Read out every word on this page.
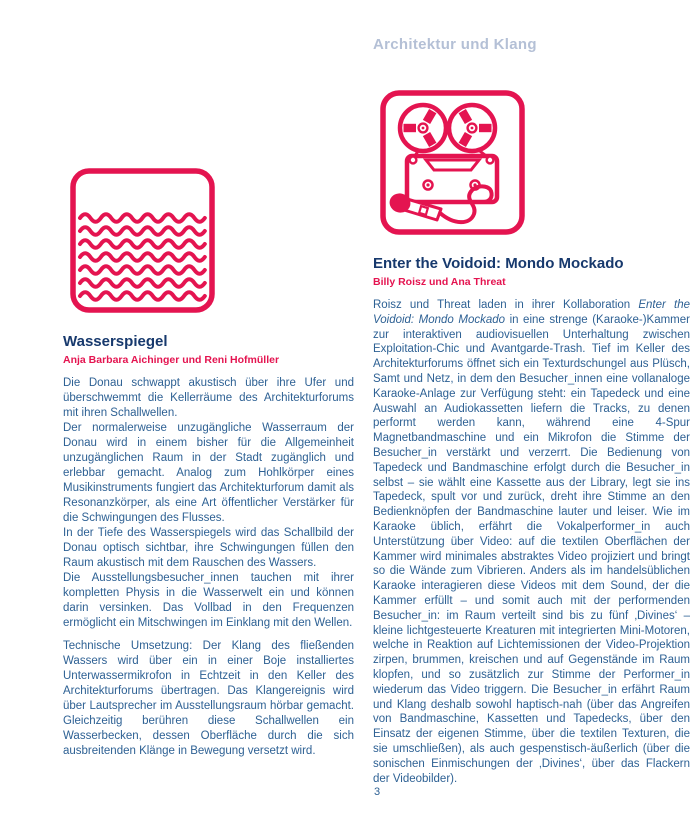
Architektur und Klang
Wasserspiegel
Anja Barbara Aichinger und Reni Hofmüller

Die Donau schwappt akustisch über ihre Ufer und überschwemmt die Kellerräume des Architekturforums mit ihren Schallwellen.

Der normalerweise unzugängliche Wasserraum der Donau wird in einem bisher für die Allgemeinheit unzugänglichen Raum in der Stadt zugänglich und erlebbar gemacht. Analog zum Hohlkörper eines Musikinstruments fungiert das Architekturforum damit als Resonanzkörper, als eine Art öffentlicher Verstärker für die Schwingungen des Flusses.

In der Tiefe des Wasserspiegels wird das Schallbild der Donau optisch sichtbar, ihre Schwingungen füllen den Raum akustisch mit dem Rauschen des Wassers.

Die Ausstellungsbesucher_innen tauchen mit ihrer kompletten Physis in die Wasserwelt ein und können darin versinken. Das Vollbad in den Frequenzen ermöglicht ein Mitschwingen im Einklang mit den Wellen.

Technische Umsetzung: Der Klang des fließenden Wassers wird über ein in einer Boje installiertes Unterwassermikrofon in Echtzeit in den Keller des Architekturforums übertragen. Das Klangereignis wird über Lautsprecher im Ausstellungsraum hörbar gemacht. Gleichzeitig berühren diese Schallwellen ein Wasserbecken, dessen Oberfläche durch die sich ausbreitenden Klänge in Bewegung versetzt wird.

Enter the Voidoid: Mondo Mockado
Billy Roisz und Ana Threat

Roisz und Threat laden in ihrer Kollaboration Enter the Voidoid: Mondo Mockado in eine strenge (Karaoke-)Kammer zur interaktiven audiovisuellen Unterhaltung zwischen Exploitation-Chic und Avantgarde-Trash. Tief im Keller des Architekturforums öffnet sich ein Texturdschungel aus Plüsch, Samt und Netz, in dem den Besucher_innen eine vollanaloge Karaoke-Anlage zur Verfügung steht: ein Tapedeck und eine Auswahl an Audiokassetten liefern die Tracks, zu denen performt werden kann, während eine 4-Spur Magnetbandmaschine und ein Mikrofon die Stimme der Besucher_in verstärkt und verzerrt. Die Bedienung von Tapedeck und Bandmaschine erfolgt durch die Besucher_in selbst – sie wählt eine Kassette aus der Library, legt sie ins Tapedeck, spult vor und zurück, dreht ihre Stimme an den Bedienknöpfen der Bandmaschine lauter und leiser. Wie im Karaoke üblich, erfährt die Vokalperformer_in auch Unterstützung über Video: auf die textilen Oberflächen der Kammer wird minimales abstraktes Video projiziert und bringt so die Wände zum Vibrieren. Anders als im handelsüblichen Karaoke interagieren diese Videos mit dem Sound, der die Kammer erfüllt – und somit auch mit der performenden Besucher_in: im Raum verteilt sind bis zu fünf ‚Divines‘ – kleine lichtgesteuerte Kreaturen mit integrierten Mini-Motoren, welche in Reaktion auf Lichtemissionen der Video-Projektion zirpen, brummen, kreischen und auf Gegenstände im Raum klopfen, und so zusätzlich zur Stimme der Performer_in wiederum das Video triggern. Die Besucher_in erfährt Raum und Klang deshalb sowohl haptisch-nah (über das Angreifen von Bandmaschine, Kassetten und Tapedecks, über den Einsatz der eigenen Stimme, über die textilen Texturen, die sie umschließen), als auch gespenstisch-äußerlich (über die sonischen Einmischungen der ‚Divines‘, über das Flackern der Videobilder).

3
